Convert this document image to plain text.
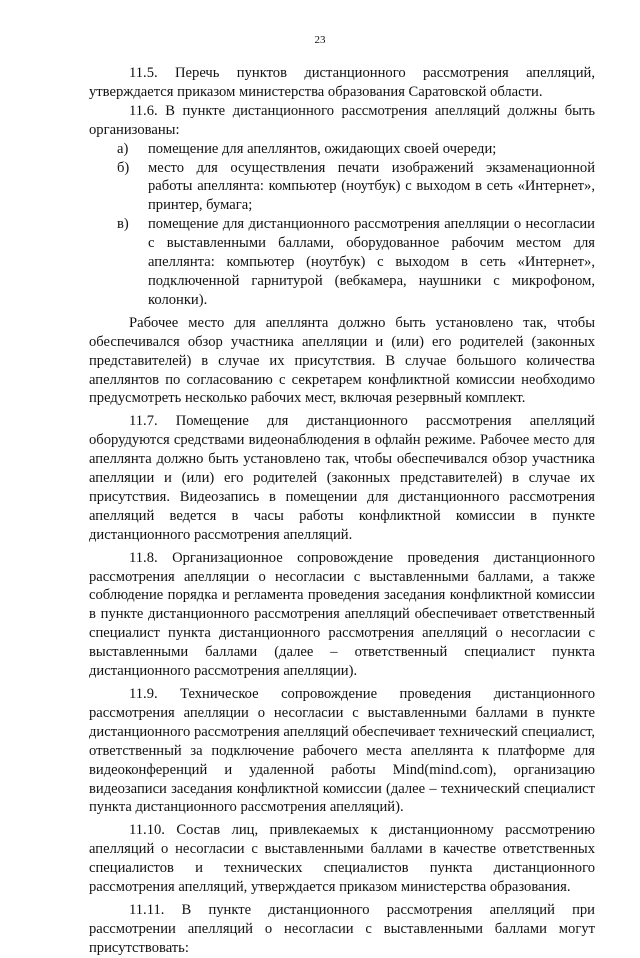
23

11.5. Перечь пунктов дистанционного рассмотрения апелляций, утверждается приказом министерства образования Саратовской области.

11.6. В пункте дистанционного рассмотрения апелляций должны быть организованы:

а)	помещение для апеллянтов, ожидающих своей очереди;
б)	место для осуществления печати изображений экзаменационной работы апеллянта: компьютер (ноутбук) с выходом в сеть «Интернет», принтер, бумага;
в)	помещение для дистанционного рассмотрения апелляции о несогласии с выставленными баллами, оборудованное рабочим местом для апеллянта: компьютер (ноутбук) с выходом в сеть «Интернет», подключенной гарнитурой (вебкамера, наушники с микрофоном, колонки).

Рабочее место для апеллянта должно быть установлено так, чтобы обеспечивался обзор участника апелляции и (или) его родителей (законных представителей) в случае их присутствия. В случае большого количества апеллянтов по согласованию с секретарем конфликтной комиссии необходимо предусмотреть несколько рабочих мест, включая резервный комплект.

11.7. Помещение для дистанционного рассмотрения апелляций оборудуются средствами видеонаблюдения в офлайн режиме. Рабочее место для апеллянта должно быть установлено так, чтобы обеспечивался обзор участника апелляции и (или) его родителей (законных представителей) в случае их присутствия. Видеозапись в помещении для дистанционного рассмотрения апелляций ведется в часы работы конфликтной комиссии в пункте дистанционного рассмотрения апелляций.

11.8. Организационное сопровождение проведения дистанционного рассмотрения апелляции о несогласии с выставленными баллами, а также соблюдение порядка и регламента проведения заседания конфликтной комиссии в пункте дистанционного рассмотрения апелляций обеспечивает ответственный специалист пункта дистанционного рассмотрения апелляций о несогласии с выставленными баллами (далее – ответственный специалист пункта дистанционного рассмотрения апелляции).

11.9. Техническое сопровождение проведения дистанционного рассмотрения апелляции о несогласии с выставленными баллами в пункте дистанционного рассмотрения апелляций обеспечивает технический специалист, ответственный за подключение рабочего места апеллянта к платформе для видеоконференций и удаленной работы Mind(mind.com), организацию видеозаписи заседания конфликтной комиссии (далее – технический специалист пункта дистанционного рассмотрения апелляций).

11.10. Состав лиц, привлекаемых к дистанционному рассмотрению апелляций о несогласии с выставленными баллами в качестве ответственных специалистов и технических специалистов пункта дистанционного рассмотрения апелляций, утверждается приказом министерства образования.

11.11. В пункте дистанционного рассмотрения апелляций при рассмотрении апелляций о несогласии с выставленными баллами могут присутствовать:
